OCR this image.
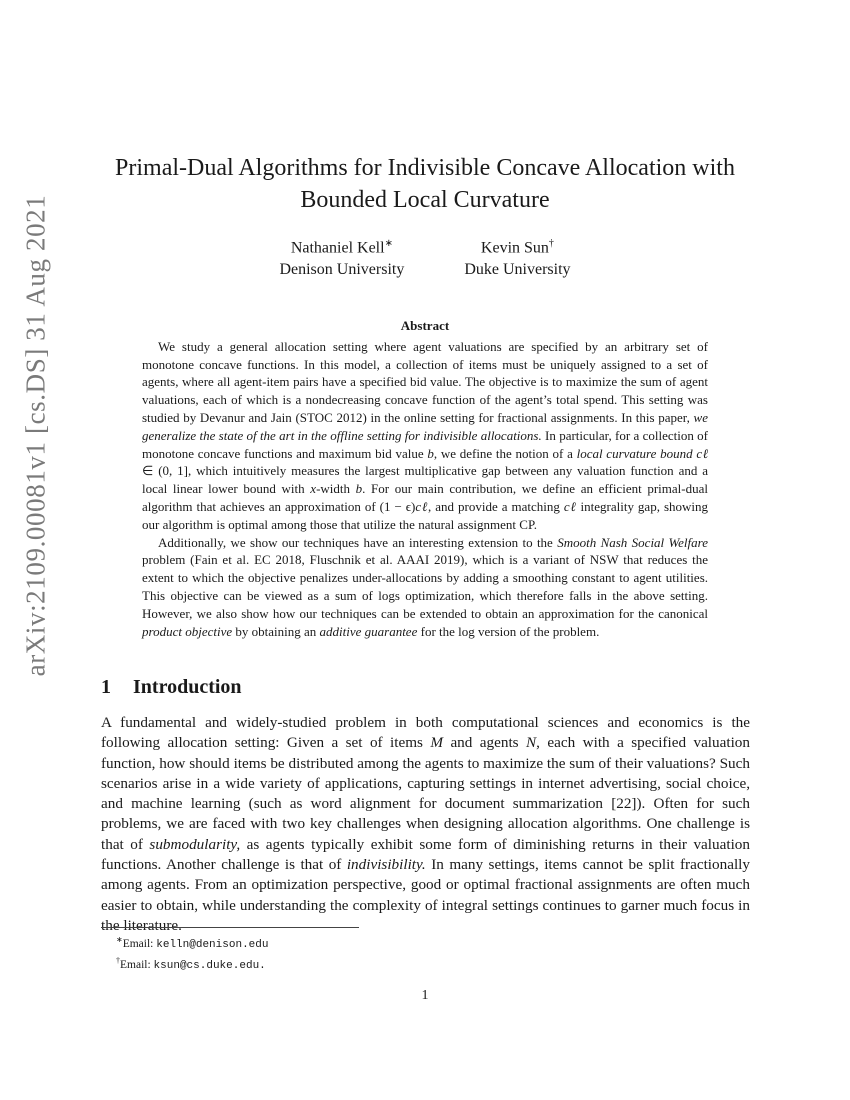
arXiv:2109.00081v1 [cs.DS] 31 Aug 2021
Primal-Dual Algorithms for Indivisible Concave Allocation with Bounded Local Curvature
Nathaniel Kell∗
Denison University
Kevin Sun†
Duke University
Abstract

We study a general allocation setting where agent valuations are specified by an arbitrary set of monotone concave functions. In this model, a collection of items must be uniquely assigned to a set of agents, where all agent-item pairs have a specified bid value. The objective is to maximize the sum of agent valuations, each of which is a nondecreasing concave function of the agent’s total spend. This setting was studied by Devanur and Jain (STOC 2012) in the online setting for fractional assignments. In this paper, we generalize the state of the art in the offline setting for indivisible allocations. In particular, for a collection of monotone concave functions and maximum bid value b, we define the notion of a local curvature bound cℓ ∈ (0, 1], which intuitively measures the largest multiplicative gap between any valuation function and a local linear lower bound with x-width b. For our main contribution, we define an efficient primal-dual algorithm that achieves an approximation of (1 − ϵ)cℓ, and provide a matching cℓ integrality gap, showing our algorithm is optimal among those that utilize the natural assignment CP.

Additionally, we show our techniques have an interesting extension to the Smooth Nash Social Welfare problem (Fain et al. EC 2018, Fluschnik et al. AAAI 2019), which is a variant of NSW that reduces the extent to which the objective penalizes under-allocations by adding a smoothing constant to agent utilities. This objective can be viewed as a sum of logs optimization, which therefore falls in the above setting. However, we also show how our techniques can be extended to obtain an approximation for the canonical product objective by obtaining an additive guarantee for the log version of the problem.

1 Introduction

A fundamental and widely-studied problem in both computational sciences and economics is the following allocation setting: Given a set of items M and agents N, each with a specified valuation function, how should items be distributed among the agents to maximize the sum of their valuations? Such scenarios arise in a wide variety of applications, capturing settings in internet advertising, social choice, and machine learning (such as word alignment for document summarization [22]). Often for such problems, we are faced with two key challenges when designing allocation algorithms. One challenge is that of submodularity, as agents typically exhibit some form of diminishing returns in their valuation functions. Another challenge is that of indivisibility. In many settings, items cannot be split fractionally among agents. From an optimization perspective, good or optimal fractional assignments are often much easier to obtain, while understanding the complexity of integral settings continues to garner much focus in the literature.

∗Email: kelln@denison.edu
†Email: ksun@cs.duke.edu.
1
